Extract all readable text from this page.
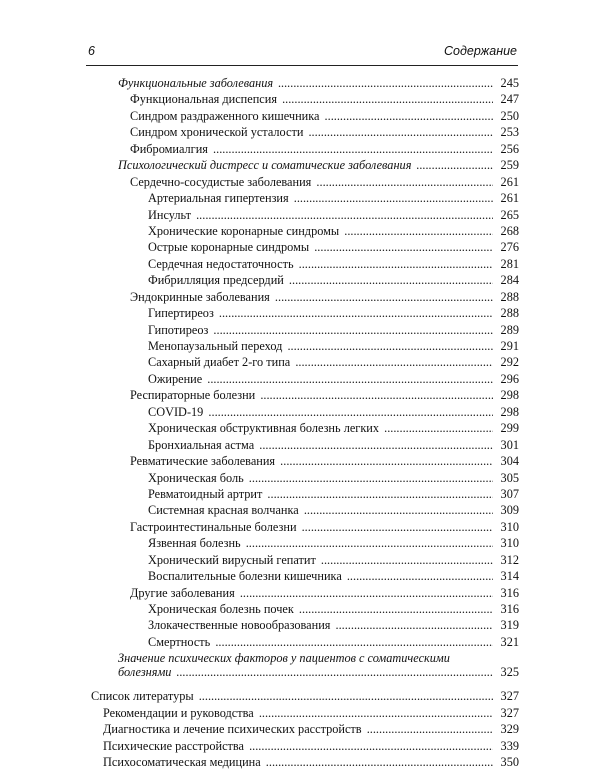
6	Содержание
Функциональные заболевания .....	245
Функциональная диспепсия .....	247
Синдром раздраженного кишечника .....	250
Синдром хронической усталости .....	253
Фибромиалгия .....	256
Психологический дистресс и соматические заболевания .....	259
Сердечно-сосудистые заболевания .....	261
Артериальная гипертензия .....	261
Инсульт .....	265
Хронические коронарные синдромы .....	268
Острые коронарные синдромы .....	276
Сердечная недостаточность .....	281
Фибрилляция предсердий .....	284
Эндокринные заболевания .....	288
Гипертиреоз .....	288
Гипотиреоз .....	289
Менопаузальный переход .....	291
Сахарный диабет 2-го типа .....	292
Ожирение .....	296
Респираторные болезни .....	298
COVID-19 .....	298
Хроническая обструктивная болезнь легких .....	299
Бронхиальная астма .....	301
Ревматические заболевания .....	304
Хроническая боль .....	305
Ревматоидный артрит .....	307
Системная красная волчанка .....	309
Гастроинтестинальные болезни .....	310
Язвенная болезнь .....	310
Хронический вирусный гепатит .....	312
Воспалительные болезни кишечника .....	314
Другие заболевания .....	316
Хроническая болезнь почек .....	316
Злокачественные новообразования .....	319
Смертность .....	321
Значение психических факторов у пациентов с соматическими
болезнями .....	325
Список литературы .....	327
Рекомендации и руководства .....	327
Диагностика и лечение психических расстройств .....	329
Психические расстройства .....	339
Психосоматическая медицина .....	350
